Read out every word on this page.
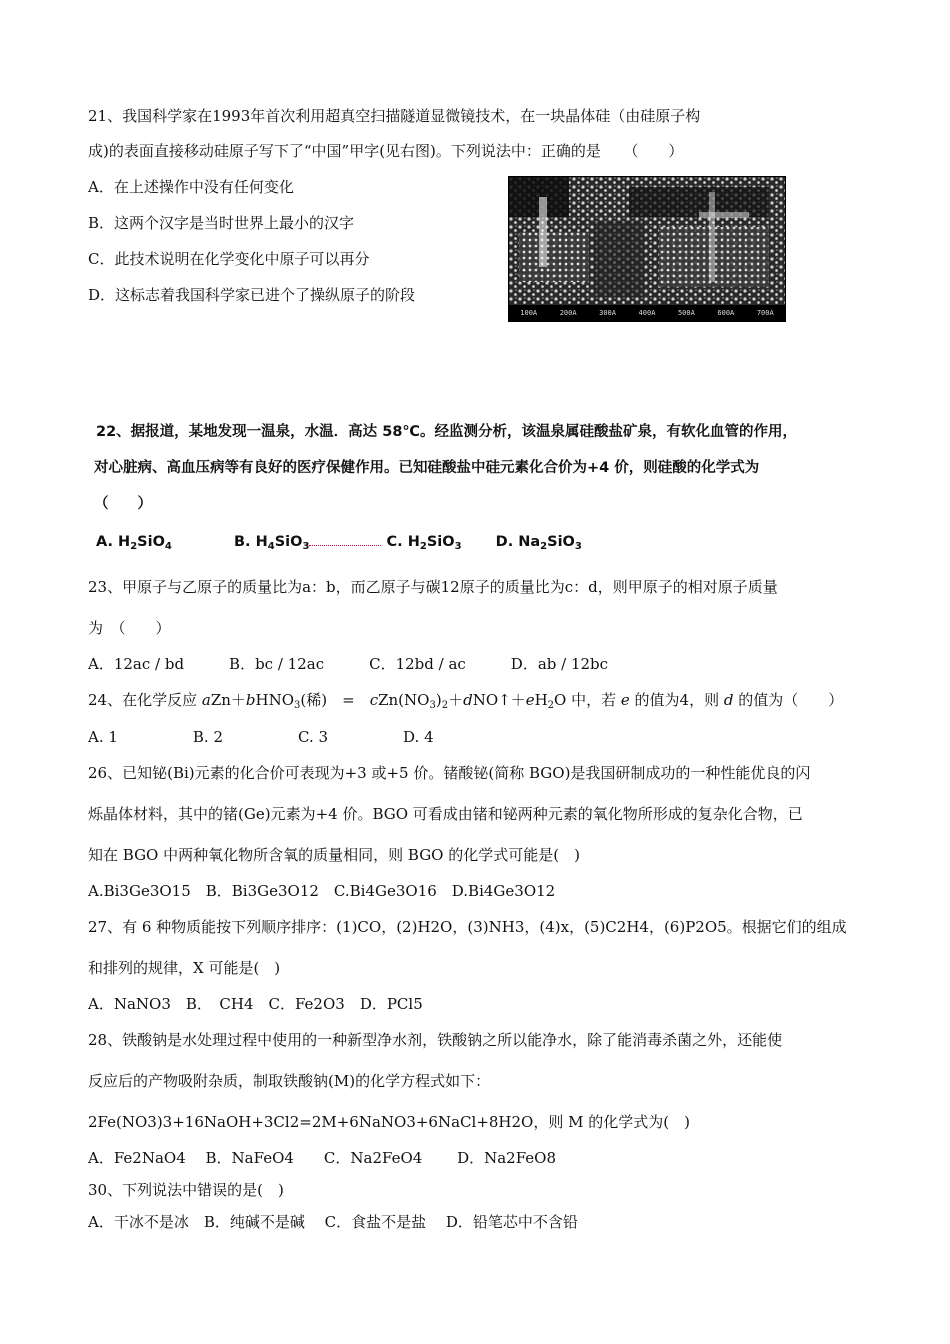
21、我国科学家在1993年首次利用超真空扫描隧道显微镜技术，在一块晶体硅（由硅原子构
成)的表面直接移动硅原子写下了“中国”甲字(见右图)。下列说法中：正确的是　　（　　）
A．在上述操作中没有任何变化
B．这两个汉字是当时世界上最小的汉字
C．此技术说明在化学变化中原子可以再分
D．这标志着我国科学家已进个了操纵原子的阶段
100A	200A	300A	400A	500A	600A	700A
22、据报道，某地发现一温泉，水温．高达 58℃。经监测分析，该温泉属硅酸盐矿泉，有软化血管的作用，
对心脏病、高血压病等有良好的医疗保健作用。已知硅酸盐中硅元素化合价为+4 价，则硅酸的化学式为
（　　）
A. $H_2SiO_4$	B. $H_4SiO_3$	C. $H_2SiO_3$ D. $Na_2SiO_3$
23、甲原子与乙原子的质量比为a：b，而乙原子与碳12原子的质量比为c：d，则甲原子的相对原子质量
为　（　　）
A．12ac / bd　　　B．bc / 12ac　　　C．12bd / ac　　　D．ab / 12bc
24、在化学反应 aZn＋bHNO$_3$(稀)　=　$cZn(NO_3)_2+dNO↑+eH_2O$ 中，若 e 的值为4，则 d 的值为（　　）
A. 1　　　　　B. 2　　　　　C. 3　　　　　D. 4
26、已知铋(Bi)元素的化合价可表现为+3 或+5 价。锗酸铋(简称 BGO)是我国研制成功的一种性能优良的闪
烁晶体材料，其中的锗(Ge)元素为+4 价。BGO 可看成由锗和铋两种元素的氧化物所形成的复杂化合物，已
知在 BGO 中两种氧化物所含氧的质量相同，则 BGO 的化学式可能是(　)
A.Bi3Ge3O15　B．Bi3Ge3O12　C.Bi4Ge3O16　D.Bi4Ge3O12
27、有 6 种物质能按下列顺序排序：(1)CO，(2)H2O，(3)NH3，(4)x，(5)C2H4，(6)P2O5。根据它们的组成
和排列的规律，X 可能是(　)
A．NaNO3　B．　CH4　C．Fe2O3　D．PCl5
28、铁酸钠是水处理过程中使用的一种新型净水剂，铁酸钠之所以能净水，除了能消毒杀菌之外，还能使
反应后的产物吸附杂质，制取铁酸钠(M)的化学方程式如下：
2Fe(NO3)3+16NaOH+3Cl2=2M+6NaNO3+6NaCl+8H2O，则 M 的化学式为(　)
A．Fe2NaO4　 B．NaFeO4　　C．Na2FeO4　　 D．Na2FeO8
30、下列说法中错误的是(　)
A．干冰不是冰　B．纯碱不是碱　 C．食盐不是盐　 D．铅笔芯中不含铅
